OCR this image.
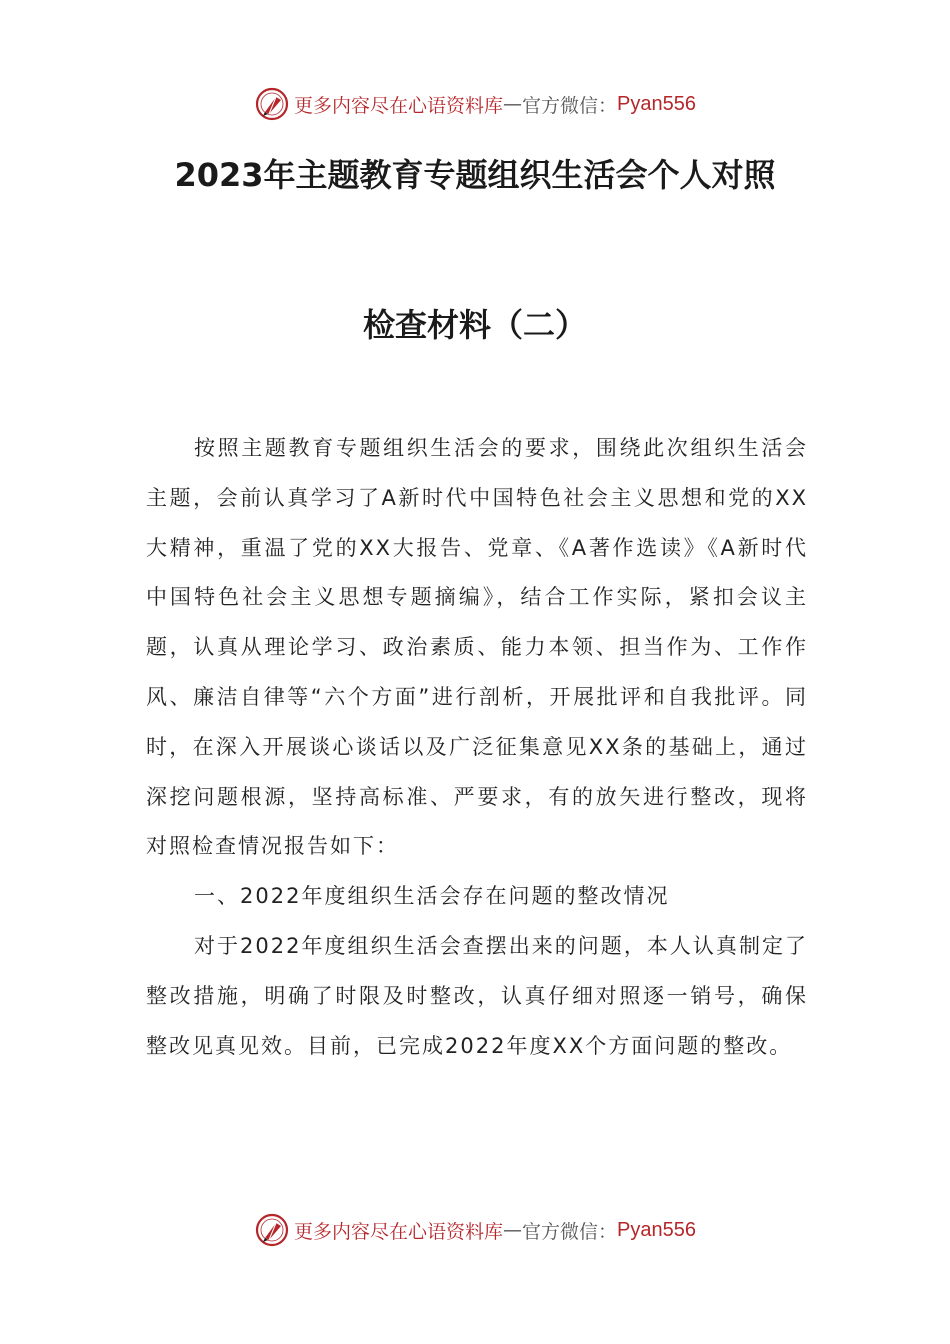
更多内容尽在心语资料库 — 官方微信： Pyan556
2023年主题教育专题组织生活会个人对照
检查材料（二）

按照主题教育专题组织生活会的要求，围绕此次组织生活会主题，会前认真学习了A新时代中国特色社会主义思想和党的XX大精神，重温了党的XX大报告、党章、《A著作选读》《A新时代中国特色社会主义思想专题摘编》，结合工作实际，紧扣会议主题，认真从理论学习、政治素质、能力本领、担当作为、工作作风、廉洁自律等“六个方面”进行剖析，开展批评和自我批评。同时，在深入开展谈心谈话以及广泛征集意见XX条的基础上，通过深挖问题根源，坚持高标准、严要求，有的放矢进行整改，现将对照检查情况报告如下：

一、2022年度组织生活会存在问题的整改情况

对于2022年度组织生活会查摆出来的问题，本人认真制定了整改措施，明确了时限及时整改，认真仔细对照逐一销号，确保整改见真见效。目前，已完成2022年度XX个方面问题的整改。

更多内容尽在心语资料库 — 官方微信： Pyan556
